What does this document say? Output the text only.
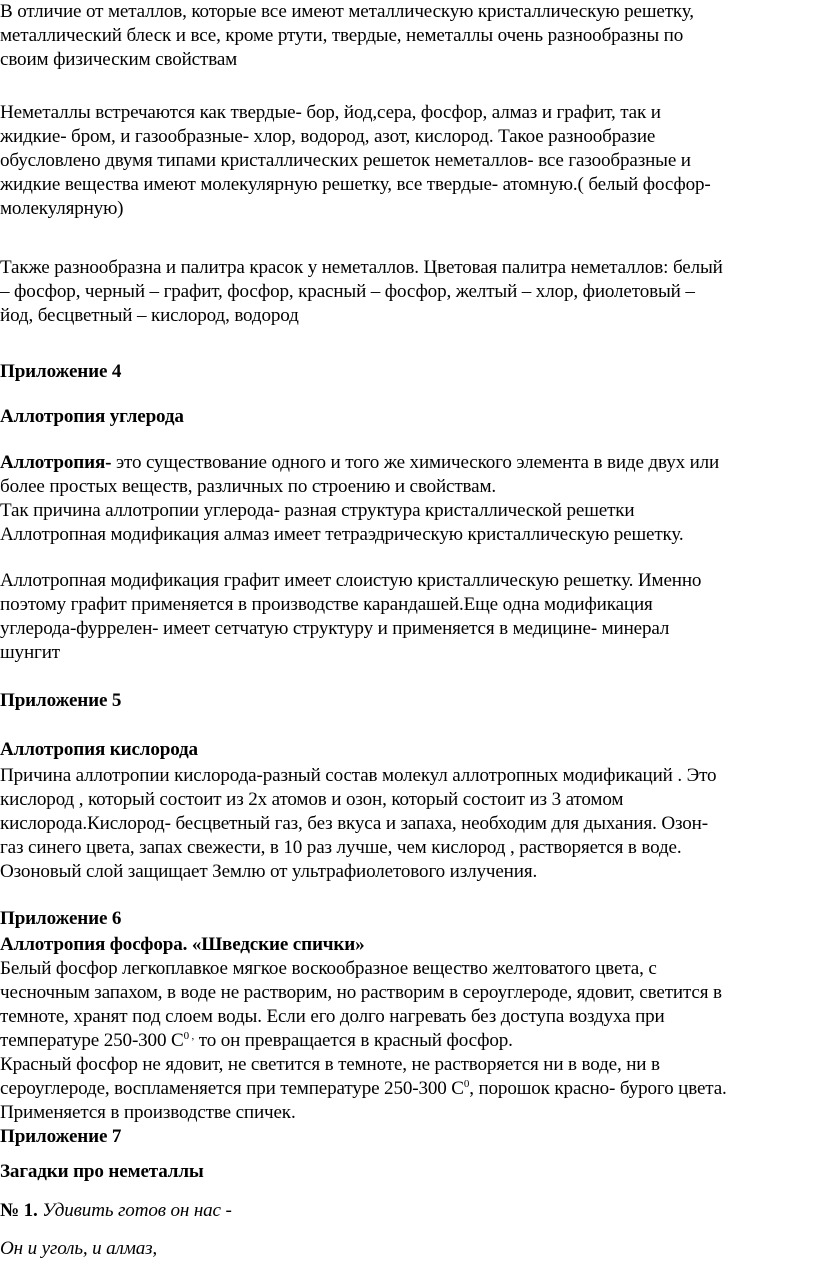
В отличие от металлов, которые все имеют металлическую кристаллическую решетку,
металлический блеск и все, кроме ртути, твердые, неметаллы очень разнообразны по
своим физическим свойствам
Неметаллы встречаются как твердые- бор, йод,сера, фосфор, алмаз и графит, так и
жидкие- бром, и газообразные- хлор, водород, азот, кислород. Такое разнообразие
обусловлено двумя типами кристаллических решеток неметаллов- все газообразные и
жидкие вещества имеют молекулярную решетку, все твердые- атомную.( белый фосфор-
молекулярную)
Также разнообразна и палитра красок у неметаллов. Цветовая палитра неметаллов: белый
– фосфор, черный – графит, фосфор, красный – фосфор, желтый – хлор, фиолетовый –
йод, бесцветный – кислород, водород
Приложение 4
Аллотропия углерода
Аллотропия- это существование одного и того же химического элемента в виде двух или
более простых веществ, различных по строению и свойствам.
Так причина аллотропии углерода- разная структура кристаллической решетки
Аллотропная модификация алмаз имеет тетраэдрическую кристаллическую решетку.
Аллотропная модификация графит имеет слоистую кристаллическую решетку. Именно
поэтому графит применяется в производстве карандашей.Еще одна модификация
углерода-фуррелен- имеет сетчатую структуру и применяется в медицине- минерал
шунгит
Приложение 5
Аллотропия кислорода
Причина аллотропии кислорода-разный состав молекул аллотропных модификаций . Это
кислород , который состоит из 2х атомов и озон, который состоит из 3 атомом
кислорода.Кислород- бесцветный газ, без вкуса и запаха, необходим для дыхания. Озон-
газ синего цвета, запах свежести, в 10 раз лучше, чем кислород , растворяется в воде.
Озоновый слой защищает Землю от ультрафиолетового излучения.
Приложение 6
Аллотропия фосфора. «Шведские спички»
Белый фосфор легкоплавкое мягкое воскообразное вещество желтоватого цвета, с
чесночным запахом, в воде не растворим, но растворим в сероуглероде, ядовит, светится в
темноте, хранят под слоем воды. Если его долго нагревать без доступа воздуха при
температуре 250-300 $С^{0 ,}$ то он превращается в красный фосфор.
Красный фосфор не ядовит, не светится в темноте, не растворяется ни в воде, ни в
сероуглероде, воспламеняется при температуре 250-300 $С^0$, порошок красно- бурого цвета.
Применяется в производстве спичек.
Приложение 7
Загадки про неметаллы
№ 1. Удивить готов он нас -
Он и уголь, и алмаз,
